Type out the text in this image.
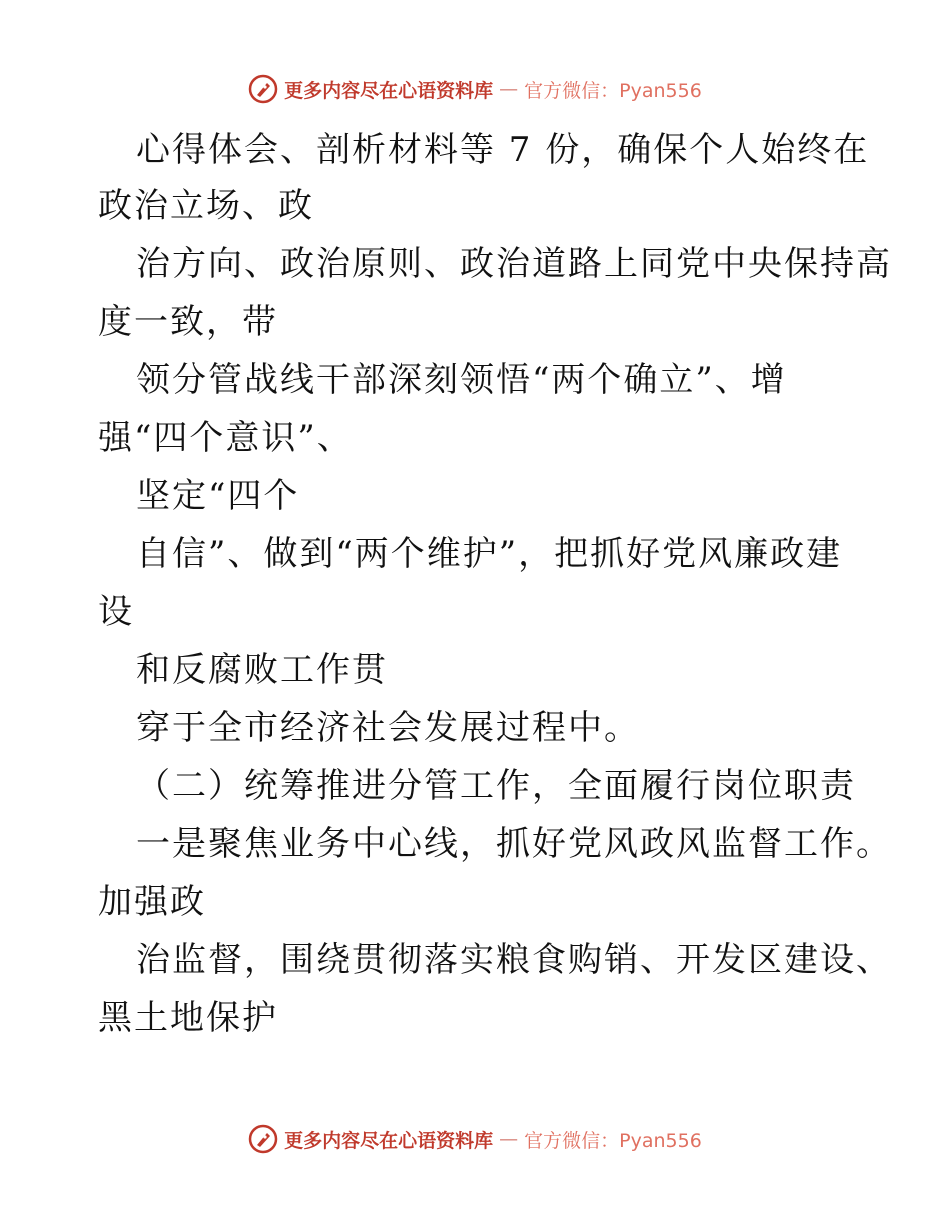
更多内容尽在心语资料库 — 官方微信：Pyan556
心得体会、剖析材料等 7 份，确保个人始终在
政治立场、政
治方向、政治原则、政治道路上同党中央保持高
度一致，带
领分管战线干部深刻领悟“两个确立”、增
强“四个意识”、
坚定“四个
自信”、做到“两个维护”，把抓好党风廉政建
设
和反腐败工作贯
穿于全市经济社会发展过程中。
（二）统筹推进分管工作，全面履行岗位职责
一是聚焦业务中心线，抓好党风政风监督工作。
加强政
治监督，围绕贯彻落实粮食购销、开发区建设、
黑土地保护
更多内容尽在心语资料库 — 官方微信：Pyan556
